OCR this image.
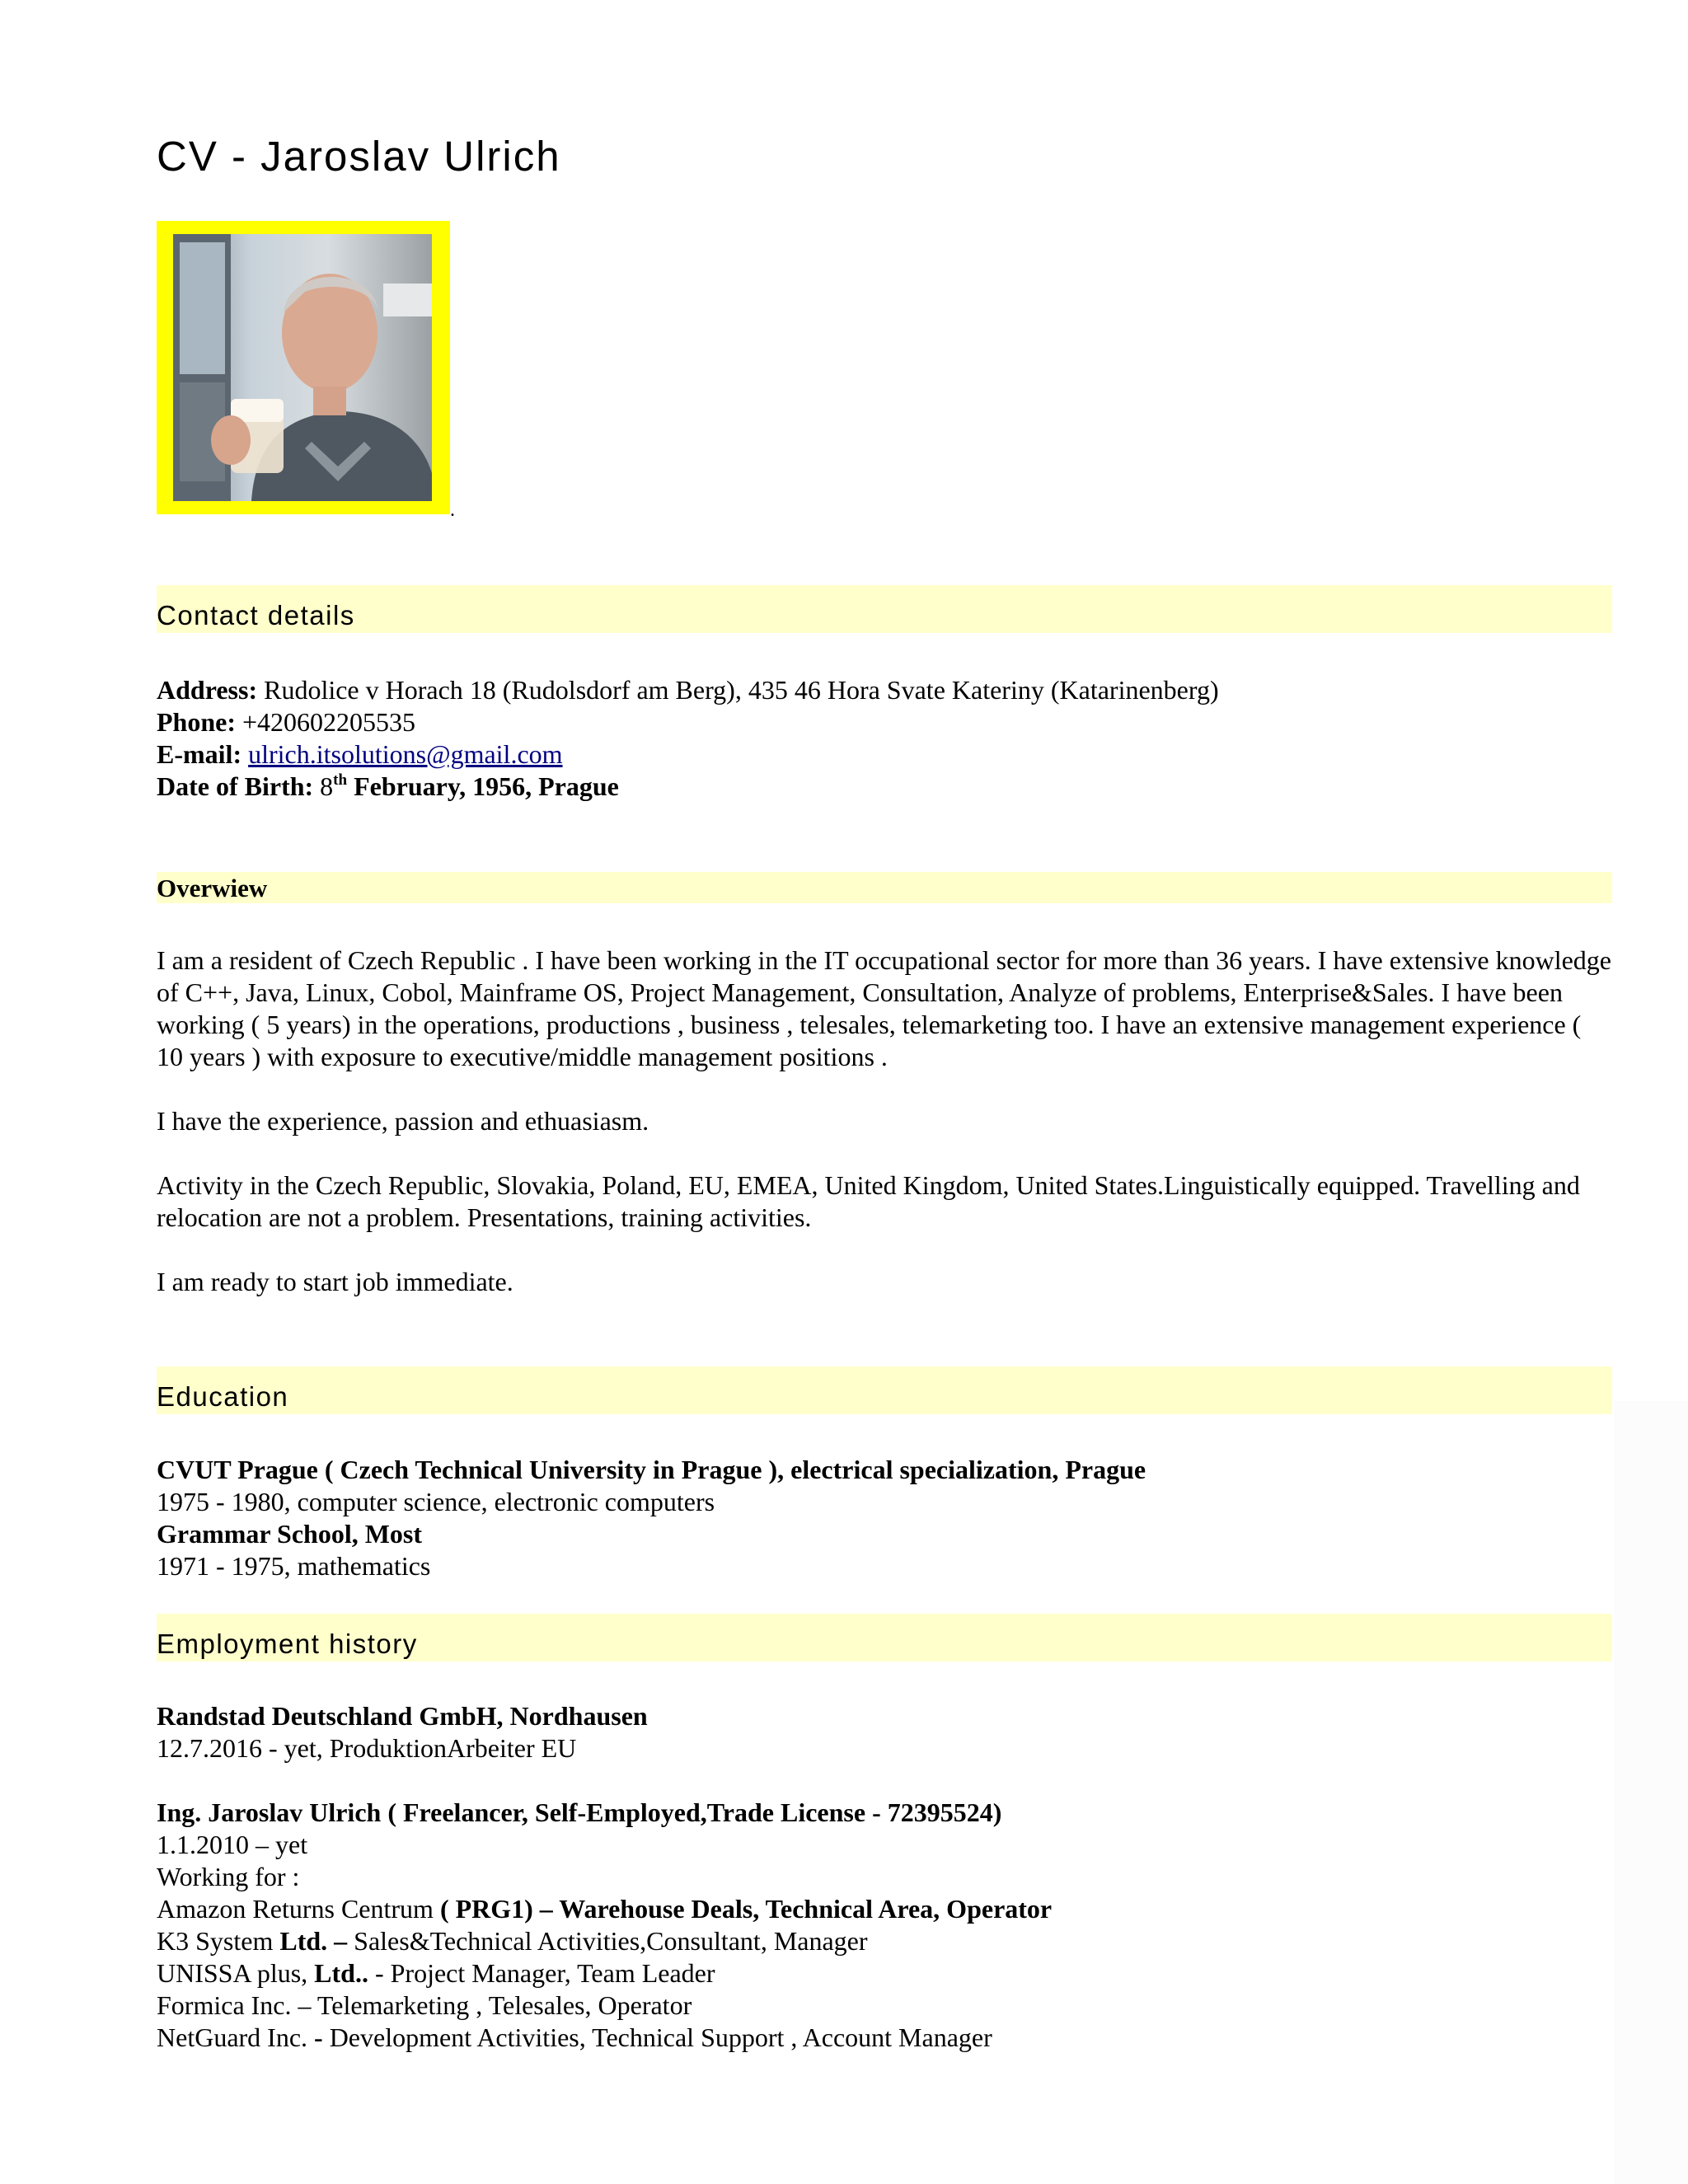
CV - Jaroslav Ulrich
.
Contact details

Address: Rudolice v Horach 18 (Rudolsdorf am Berg), 435 46 Hora Svate Kateriny (Katarinenberg)

Phone: +420602205535

E-mail: ulrich.itsolutions@gmail.com

Date of Birth: 8th February, 1956, Prague

Overwiew

I am a resident of Czech Republic . I have been working in the IT occupational sector for more than 36 years. I have extensive knowledge of C++, Java, Linux, Cobol, Mainframe OS, Project Management, Consultation, Analyze of problems, Enterprise&Sales. I have been working ( 5 years) in the operations, productions , business , telesales, telemarketing too. I have an extensive management experience ( 10 years ) with exposure to executive/middle management positions .

I have the experience, passion and ethuasiasm.

Activity in the Czech Republic, Slovakia, Poland, EU, EMEA, United Kingdom, United States.Linguistically equipped. Travelling and relocation are not a problem. Presentations, training activities.

I am ready to start job immediate.

Education

CVUT Prague ( Czech Technical University in Prague ), electrical specialization, Prague

1975 - 1980, computer science, electronic computers

Grammar School, Most

1971 - 1975, mathematics

Employment history

Randstad Deutschland GmbH, Nordhausen

12.7.2016 - yet, ProduktionArbeiter EU

Ing. Jaroslav Ulrich ( Freelancer, Self-Employed,Trade License - 72395524)

1.1.2010 – yet

Working for :

Amazon Returns Centrum ( PRG1) – Warehouse Deals, Technical Area, Operator

K3 System Ltd. – Sales&Technical Activities,Consultant, Manager

UNISSA plus, Ltd.. - Project Manager, Team Leader

Formica Inc. – Telemarketing , Telesales, Operator

NetGuard Inc. - Development Activities, Technical Support , Account Manager
